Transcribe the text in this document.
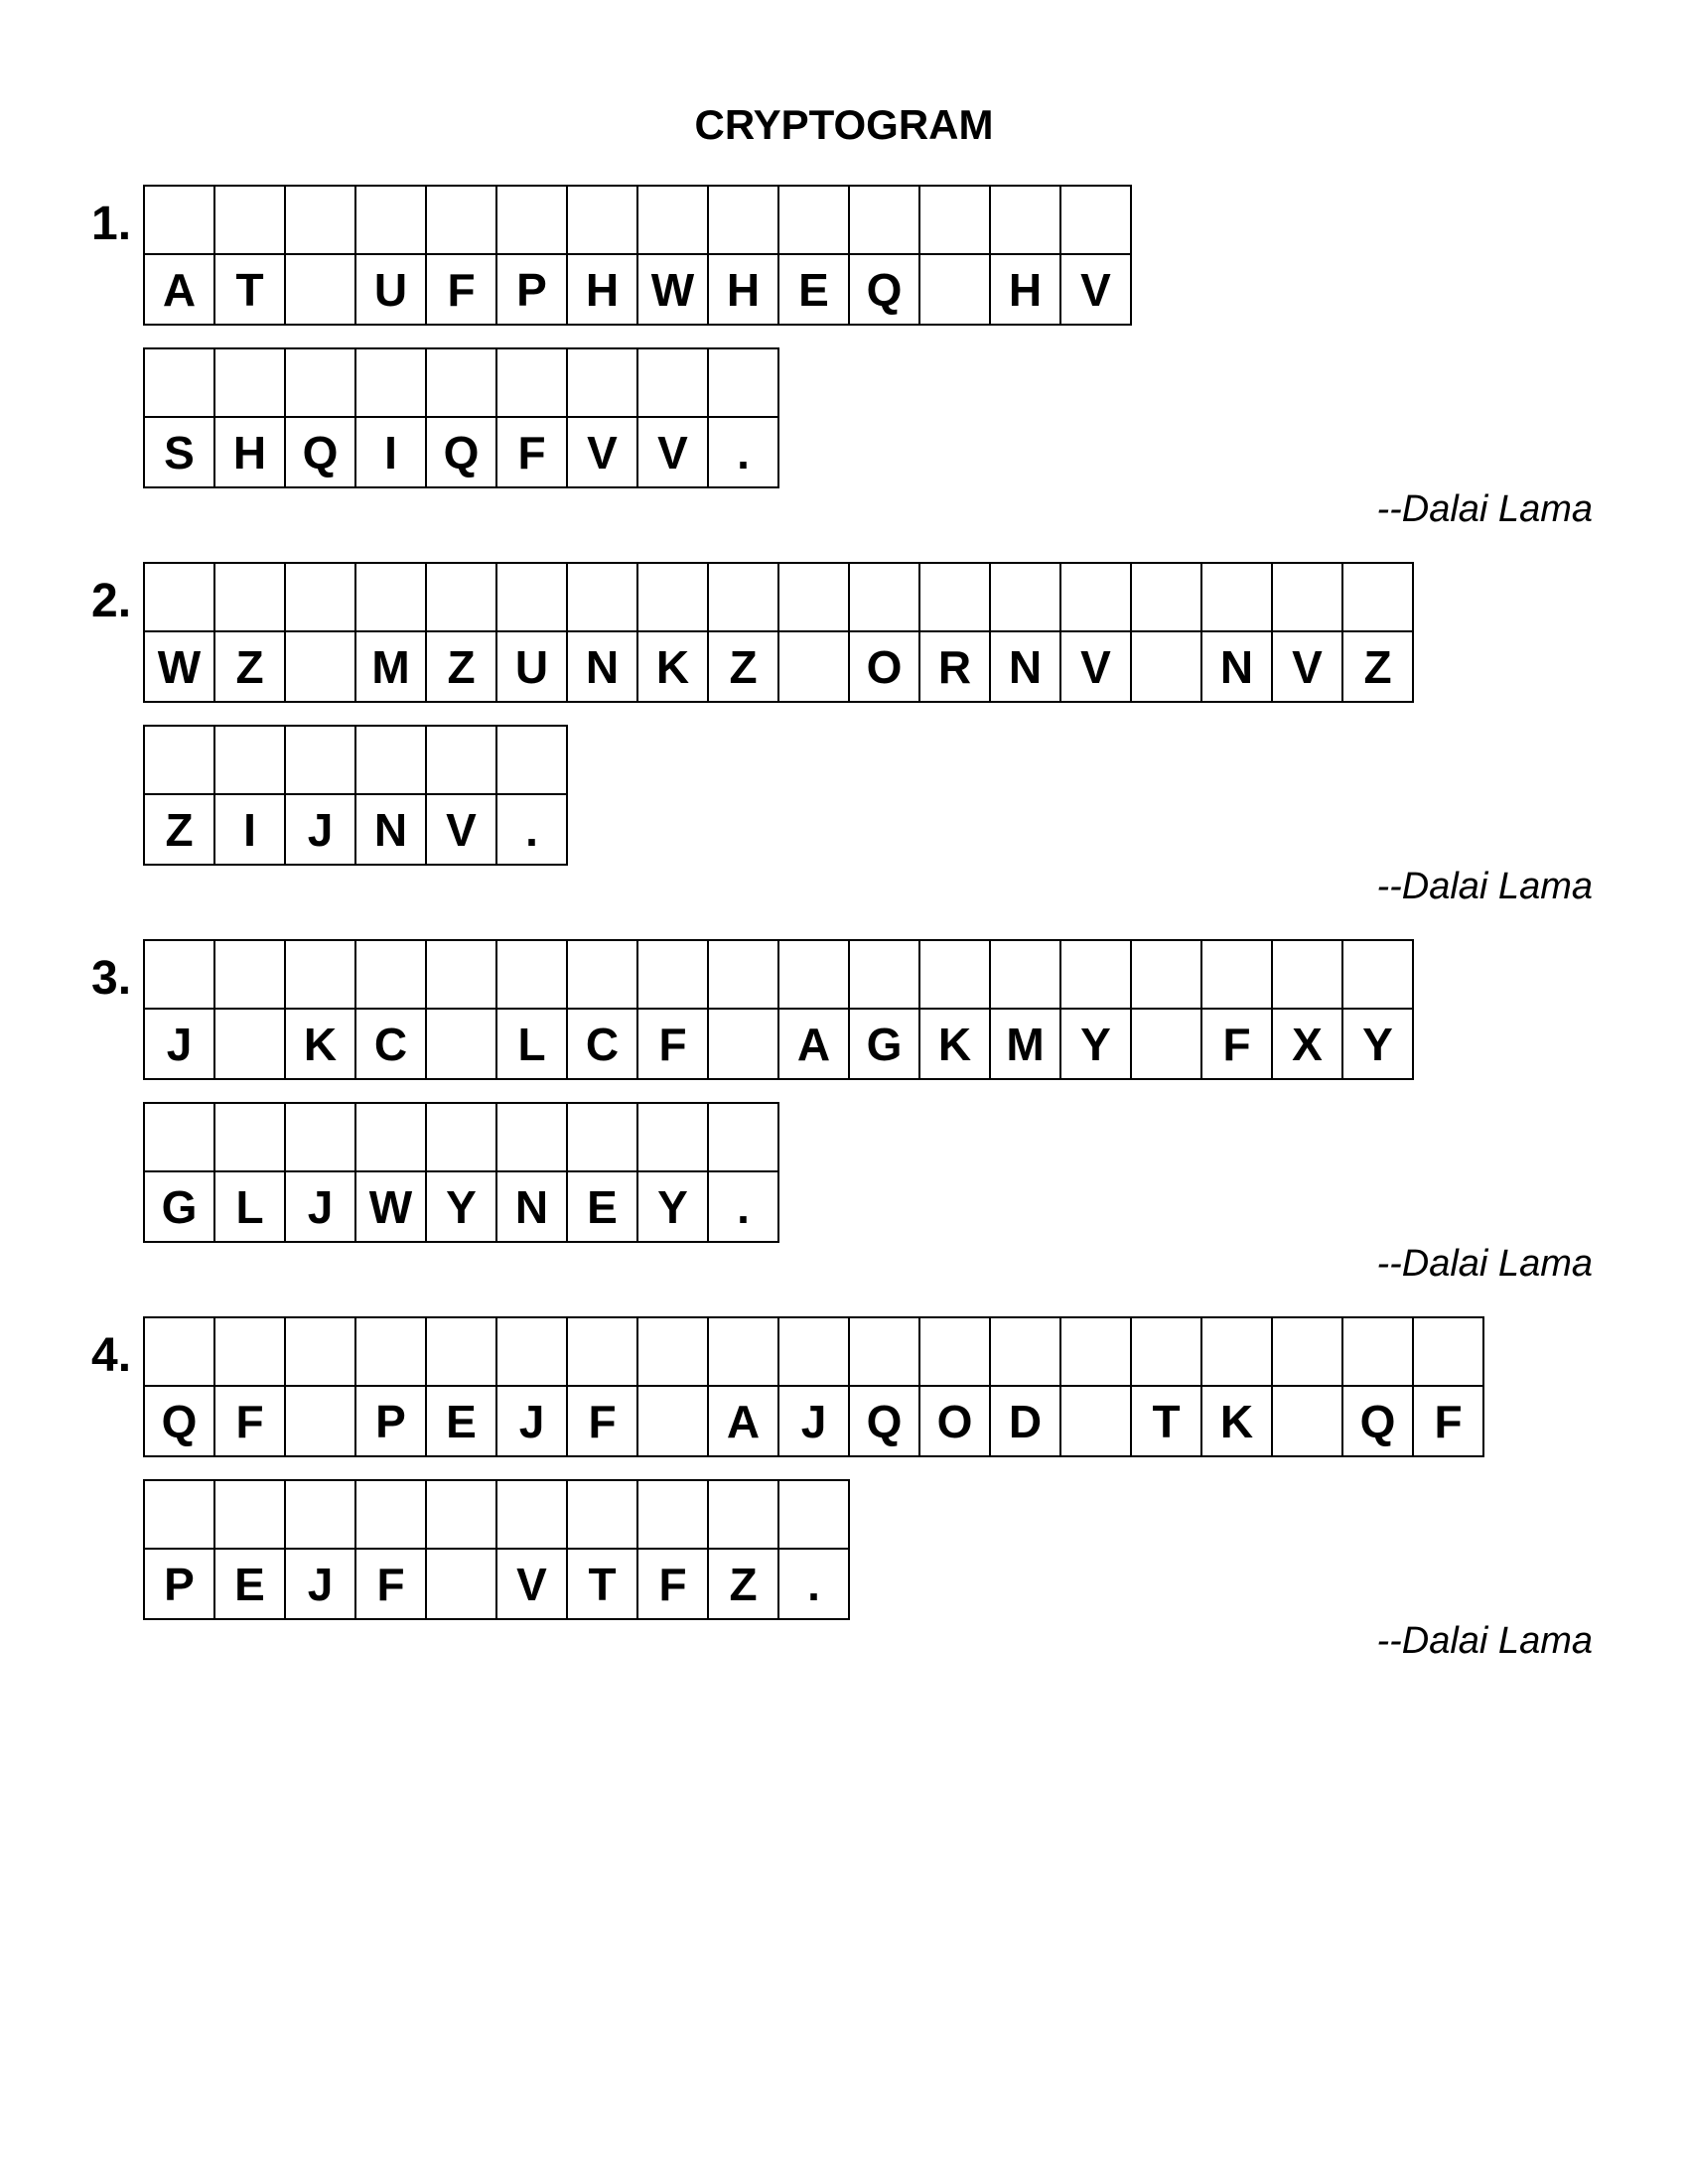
CRYPTOGRAM
1.
A T	U F P H W H E Q	H V
S H Q	I	Q F V V	.
--Dalai Lama
2.
W Z	M Z U N K Z	O R N V	N V Z
Z	I	J N V	.
--Dalai Lama
3.
J	K C	L C F	A G K M Y	F X Y
G L J W Y N E Y	.
--Dalai Lama
4.
Q F	P E J F	A J Q O D	T K	Q F
P E J F	V T F Z	.
--Dalai Lama
